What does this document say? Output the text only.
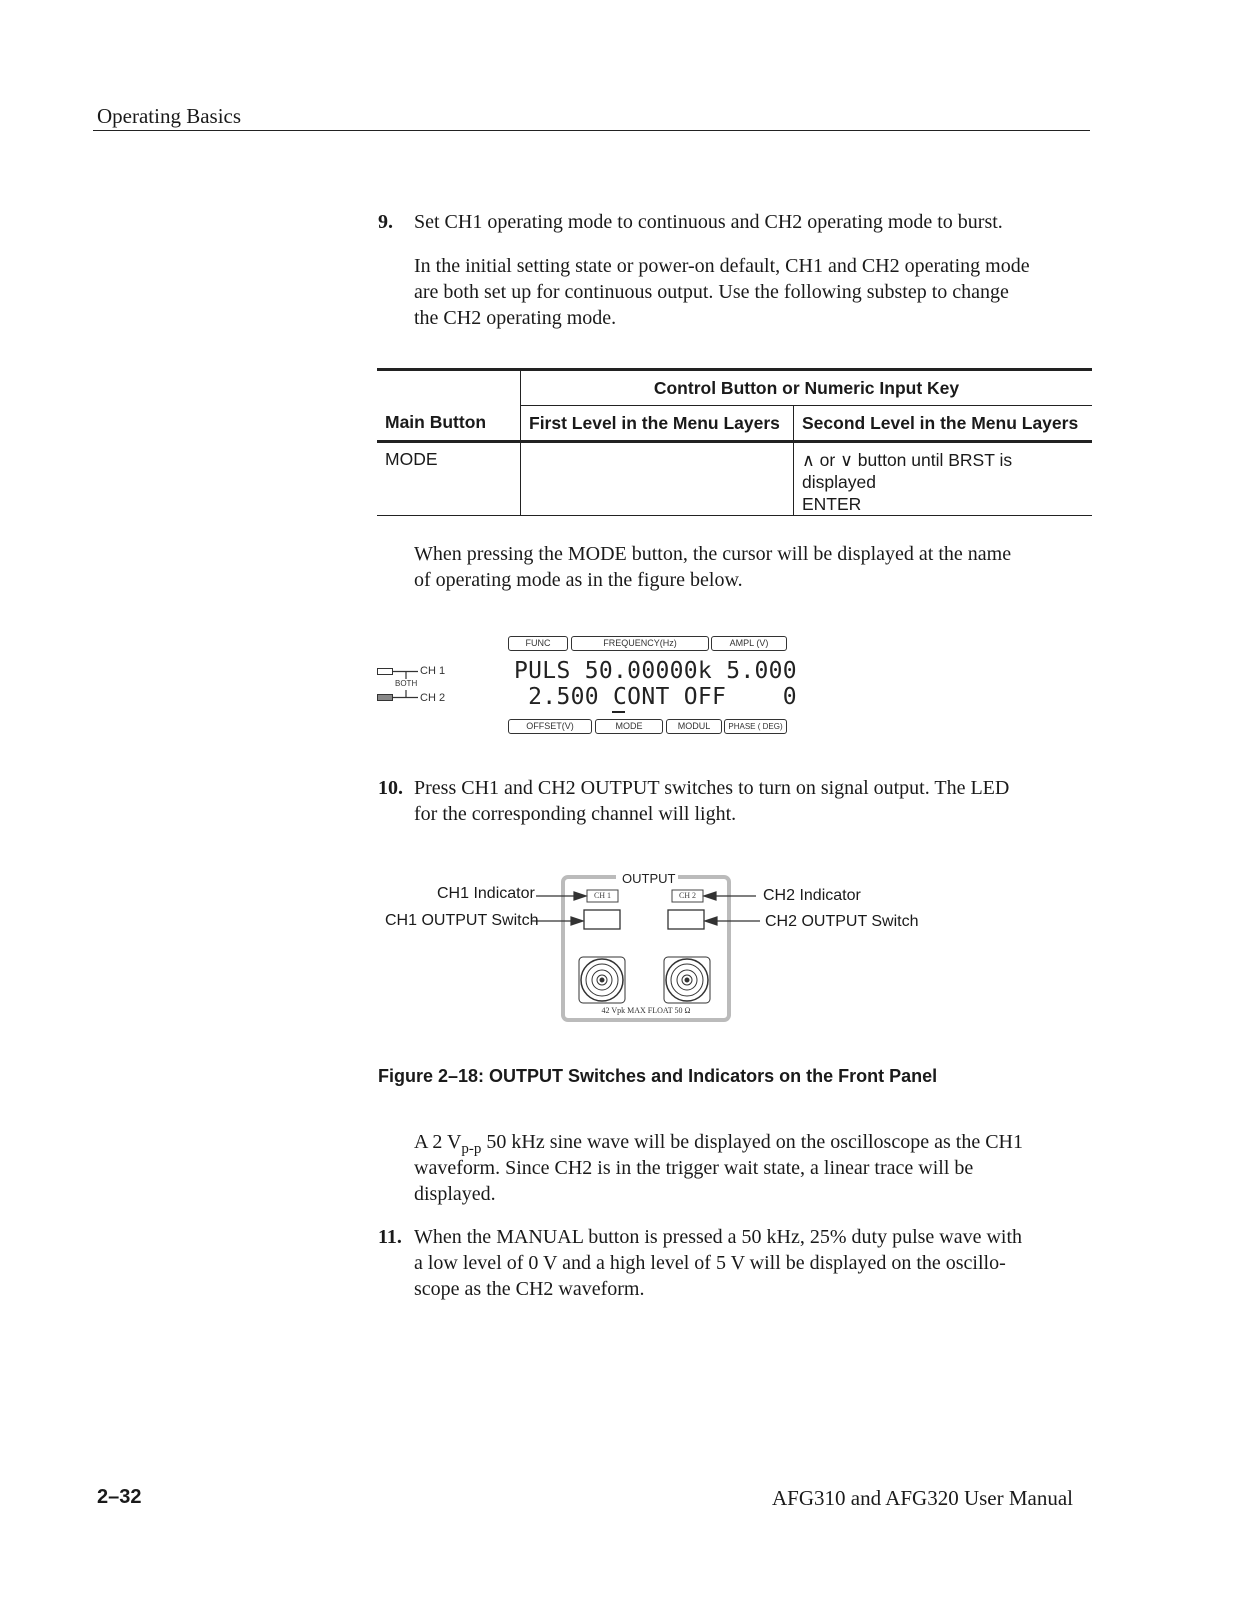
Operating Basics
9. Set CH1 operating mode to continuous and CH2 operating mode to burst.
In the initial setting state or power-on default, CH1 and CH2 operating mode
are both set up for continuous output. Use the following substep to change
the CH2 operating mode.
	Control Button or Numeric Input Key	
Main Button	First Level in the Menu Layers	Second Level in the Menu Layers
MODE		∧ or ∨ button until BRST is displayed
ENTER
When pressing the MODE button, the cursor will be displayed at the name
of operating mode as in the figure below.
FUNC	FREQUENCY(Hz)	AMPL (V)
CH 1
BOTH
CH 2
PULS 50.00000k 5.000
2.500 CONT OFF    0
OFFSET(V)	MODE	MODUL	PHASE ( DEG)
10. Press CH1 and CH2 OUTPUT switches to turn on signal output. The LED
for the corresponding channel will light.
OUTPUT
CH 1	CH 2
CH1 Indicator
CH1 OUTPUT Switch
CH2 Indicator
CH2 OUTPUT Switch
42 Vpk MAX FLOAT 50 Ω
Figure 2–18: OUTPUT Switches and Indicators on the Front Panel
A 2 $V_{p-p}$ 50 kHz sine wave will be displayed on the oscilloscope as the CH1
waveform. Since CH2 is in the trigger wait state, a linear trace will be
displayed.
11. When the MANUAL button is pressed a 50 kHz, 25% duty pulse wave with
a low level of 0 V and a high level of 5 V will be displayed on the oscillo-
scope as the CH2 waveform.
2–32	AFG310 and AFG320 User Manual
